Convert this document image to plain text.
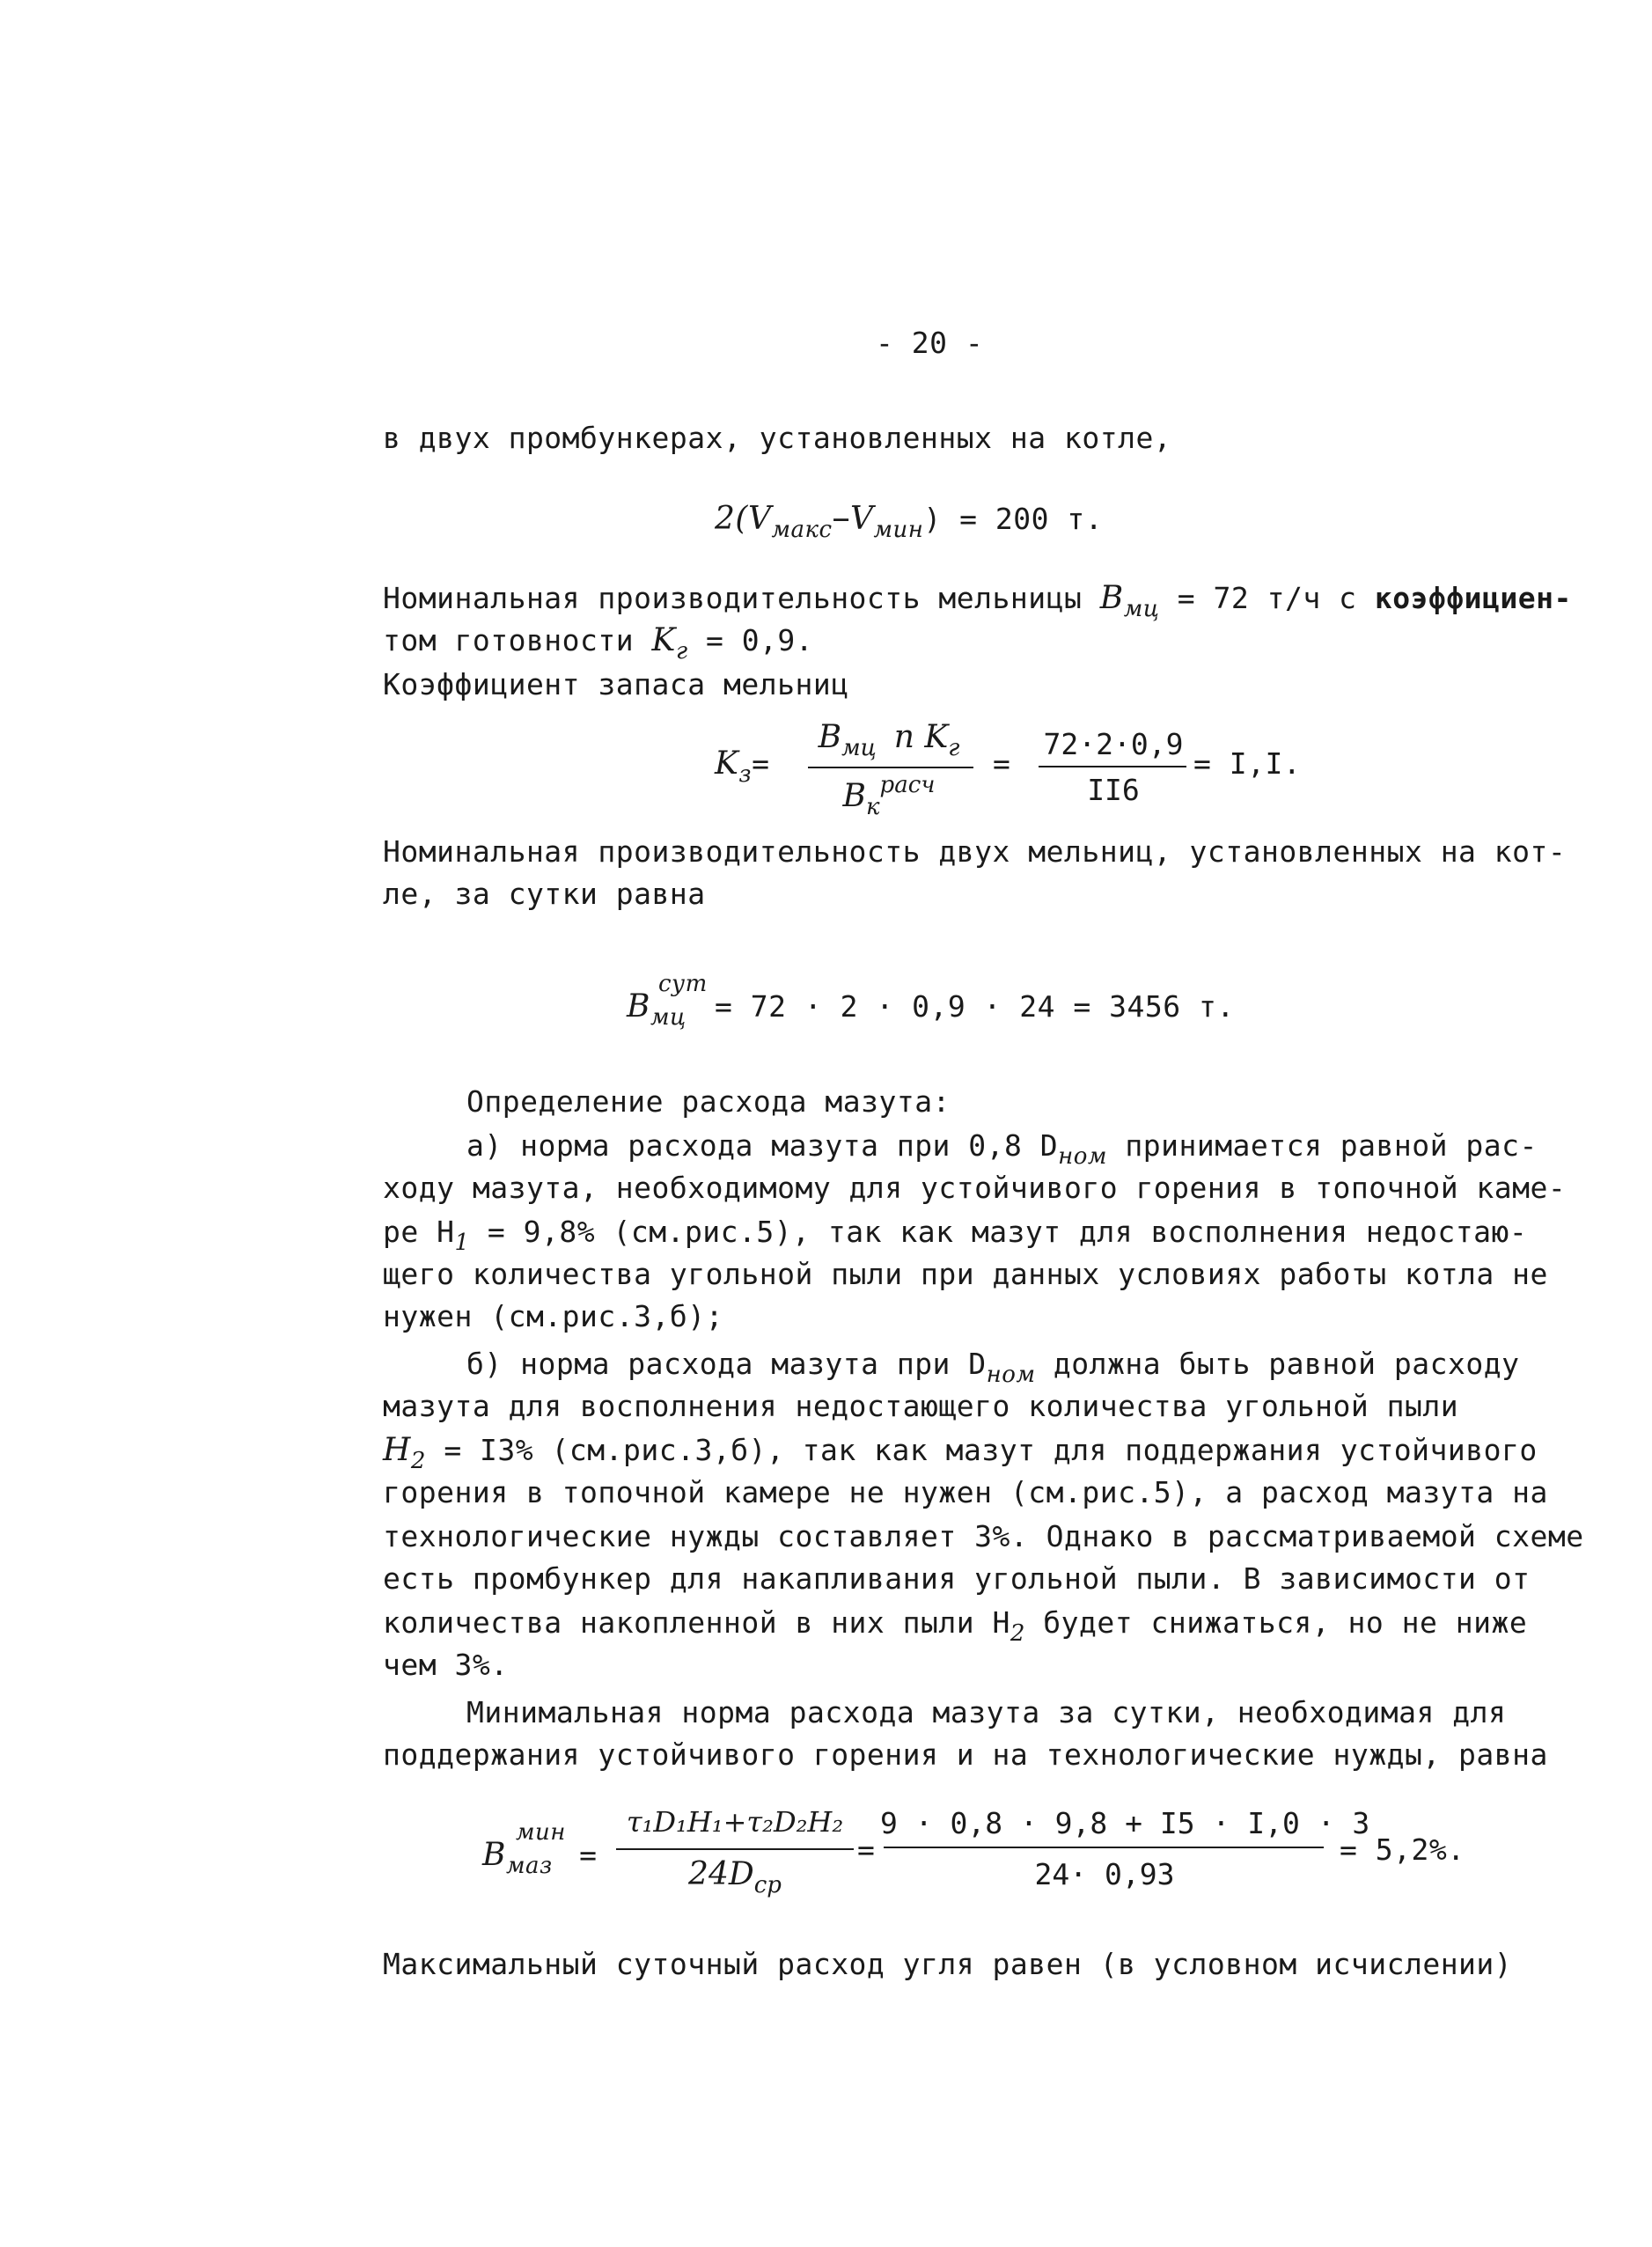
- 20 -
в двух промбункерах, установленных на котле,
$2(V_{макс}-V_{мин}) = 200$ т.
Номинальная производительность мельницы $B_{мц} = 72$ т/ч с коэффициен-
том готовности $K_г = 0,9$.
Коэффициент запаса мельниц
$K_з=$
$B_{мц}$ n $K_г$
$B_к^{расч}$
=
72·2·0,9
II6
= I,I.
Номинальная производительность двух мельниц, установленных на кот-
ле, за сутки равна
B
сут
$_{мц}$ = 72 · 2 · 0,9 · 24 = 3456 т.
Определение расхода мазута:
а) норма расхода мазута при 0,8 $D_{ном}$ принимается равной рас-
ходу мазута, необходимому для устойчивого горения в топочной каме-
ре $H_1 = 9,8\%$ (см.рис.5), так как мазут для восполнения недостаю-
щего количества угольной пыли при данных условиях работы котла не
нужен (см.рис.3,б);
б) норма расхода мазута при $D_{ном}$ должна быть равной расходу
мазута для восполнения недостающего количества угольной пыли
$H_2 = I3\%$ (см.рис.3,б), так как мазут для поддержания устойчивого
горения в топочной камере не нужен (см.рис.5), а расход мазута на
технологические нужды составляет 3%. Однако в рассматриваемой схеме
есть промбункер для накапливания угольной пыли. В зависимости от
количества накопленной в них пыли $H_2$ будет снижаться, но не ниже
чем 3%.
Минимальная норма расхода мазута за сутки, необходимая для
поддержания устойчивого горения и на технологические нужды, равна
B
мин
$_{маз}$ =
τ₁D₁H₁+τ₂D₂H₂
$24D_{ср}$
=
9 · 0,8 · 9,8 + I5 · I,0 · 3
24· 0,93
= 5,2%.
Максимальный суточный расход угля равен (в условном исчислении)
